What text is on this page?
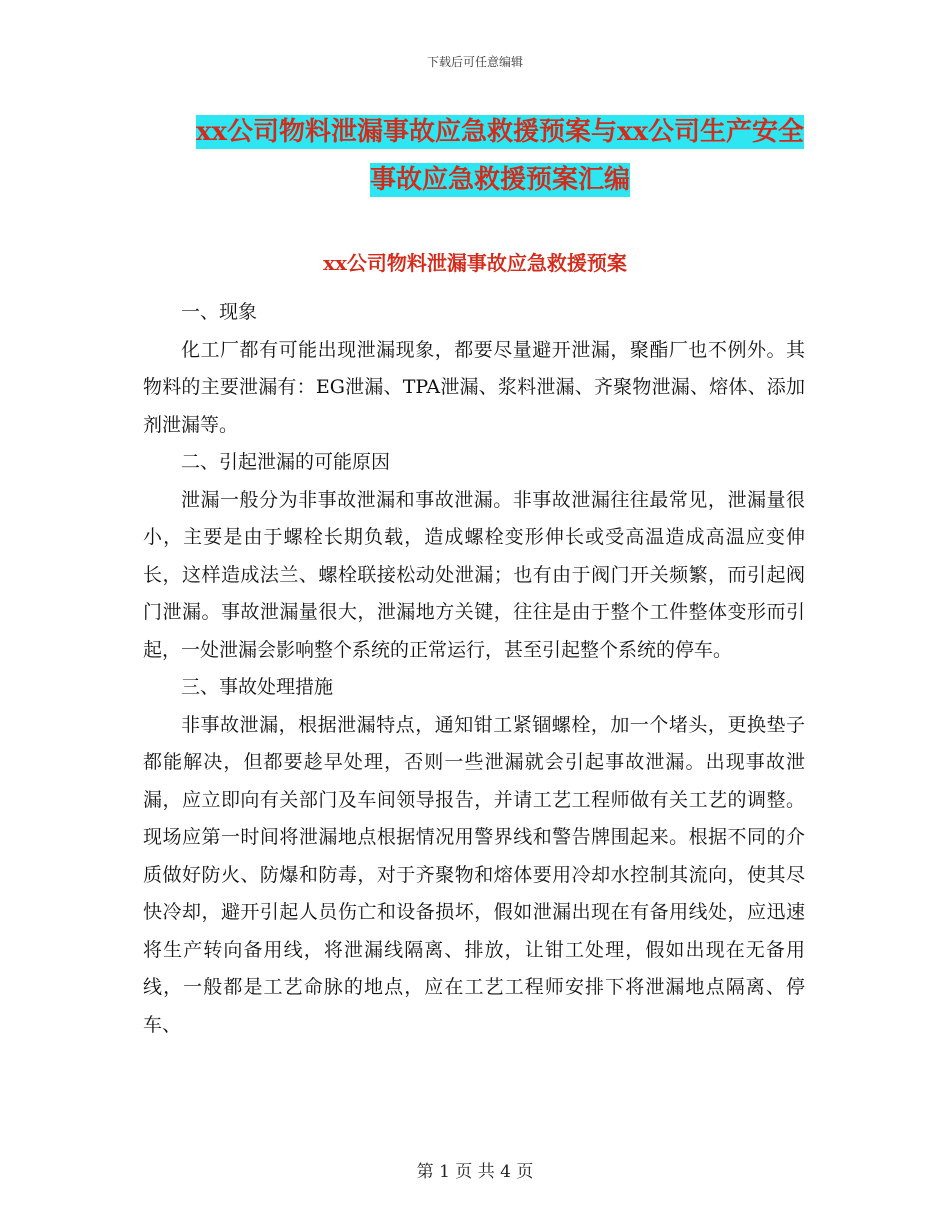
下载后可任意编辑
xx公司物料泄漏事故应急救援预案与xx公司生产安全
事故应急救援预案汇编
xx公司物料泄漏事故应急救援预案

一、现象

化工厂都有可能出现泄漏现象，都要尽量避开泄漏，聚酯厂也不例外。其物料的主要泄漏有：EG泄漏、TPA泄漏、浆料泄漏、齐聚物泄漏、熔体、添加剂泄漏等。

二、引起泄漏的可能原因

泄漏一般分为非事故泄漏和事故泄漏。非事故泄漏往往最常见，泄漏量很小，主要是由于螺栓长期负载，造成螺栓变形伸长或受高温造成高温应变伸长，这样造成法兰、螺栓联接松动处泄漏；也有由于阀门开关频繁，而引起阀门泄漏。事故泄漏量很大，泄漏地方关键，往往是由于整个工件整体变形而引起，一处泄漏会影响整个系统的正常运行，甚至引起整个系统的停车。

三、事故处理措施

非事故泄漏，根据泄漏特点，通知钳工紧锢螺栓，加一个堵头，更换垫子都能解决，但都要趁早处理，否则一些泄漏就会引起事故泄漏。出现事故泄漏，应立即向有关部门及车间领导报告，并请工艺工程师做有关工艺的调整。现场应第一时间将泄漏地点根据情况用警界线和警告牌围起来。根据不同的介质做好防火、防爆和防毒，对于齐聚物和熔体要用冷却水控制其流向，使其尽快冷却，避开引起人员伤亡和设备损坏，假如泄漏出现在有备用线处，应迅速将生产转向备用线，将泄漏线隔离、排放，让钳工处理，假如出现在无备用线，一般都是工艺命脉的地点，应在工艺工程师安排下将泄漏地点隔离、停车、

第 1 页 共 4 页
